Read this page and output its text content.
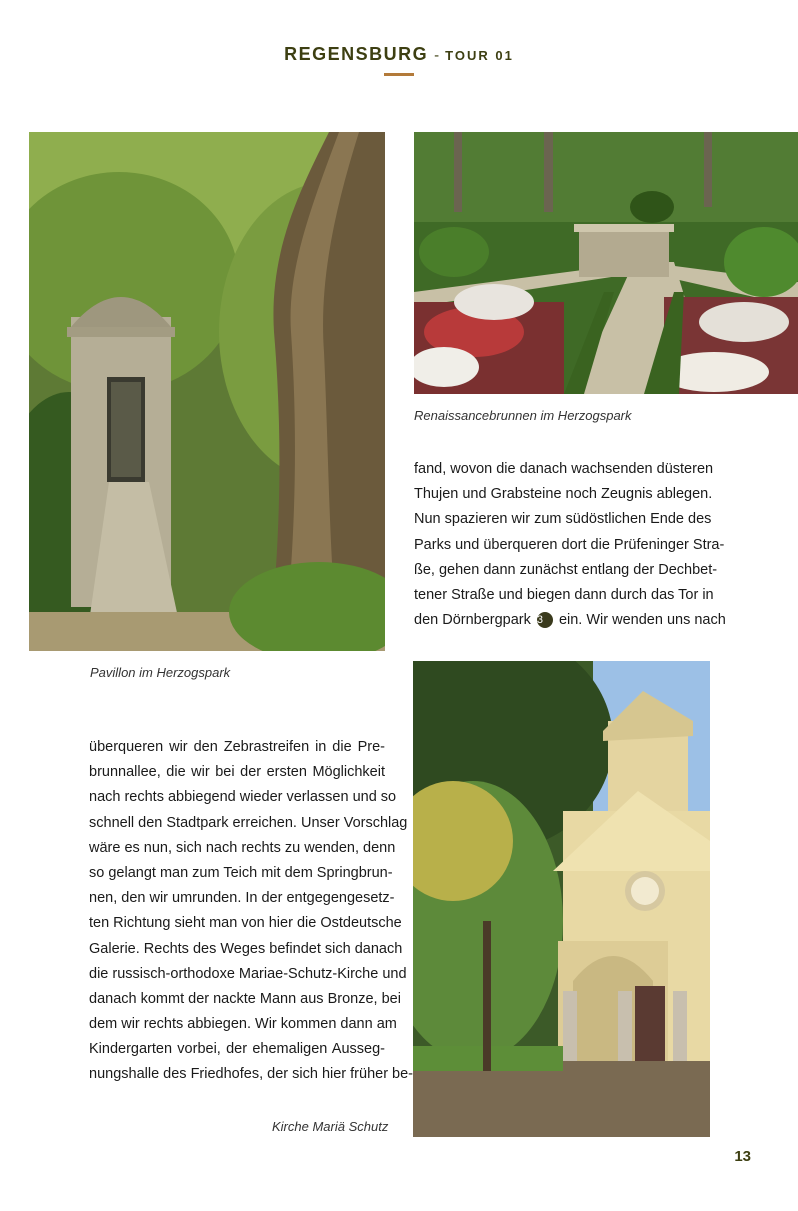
REGENSBURG - TOUR 01
Pavillon im Herzogspark
Renaissancebrunnen im Herzogspark
Kirche Mariä Schutz
fand, wovon die danach wachsenden düsteren
Thujen und Grabsteine noch Zeugnis ablegen.
Nun spazieren wir zum südöstlichen Ende des
Parks und überqueren dort die Prüfeninger Stra-
ße, gehen dann zunächst entlang der Dechbet-
tener Straße und biegen dann durch das Tor in
den Dörnbergpark 3 ein. Wir wenden uns nach
überqueren wir den Zebrastreifen in die Pre-
brunnallee, die wir bei der ersten Möglichkeit
nach rechts abbiegend wieder verlassen und so
schnell den Stadtpark erreichen. Unser Vorschlag
wäre es nun, sich nach rechts zu wenden, denn
so gelangt man zum Teich mit dem Springbrun-
nen, den wir umrunden. In der entgegengesetz-
ten Richtung sieht man von hier die Ostdeutsche
Galerie. Rechts des Weges befindet sich danach
die russisch-orthodoxe Mariae-Schutz-Kirche und
danach kommt der nackte Mann aus Bronze, bei
dem wir rechts abbiegen. Wir kommen dann am
Kindergarten vorbei, der ehemaligen Ausseg-
nungshalle des Friedhofes, der sich hier früher be-
13
